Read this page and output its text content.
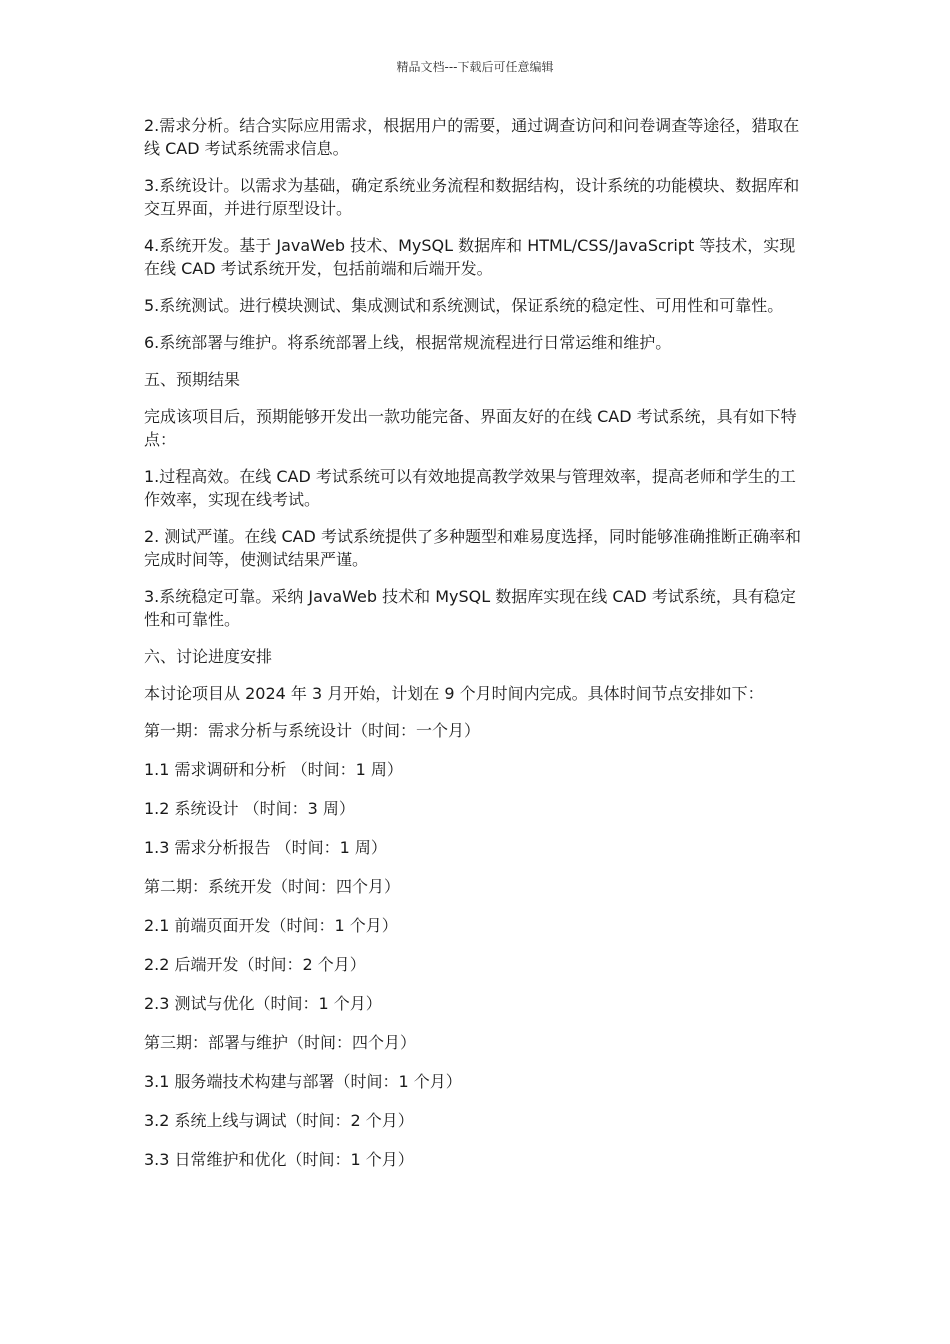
精品文档---下载后可任意编辑

2.需求分析。结合实际应用需求，根据用户的需要，通过调查访问和问卷调查等途径，猎取在线 CAD 考试系统需求信息。

3.系统设计。以需求为基础，确定系统业务流程和数据结构，设计系统的功能模块、数据库和交互界面，并进行原型设计。

4.系统开发。基于 JavaWeb 技术、MySQL 数据库和 HTML/CSS/JavaScript 等技术，实现在线 CAD 考试系统开发，包括前端和后端开发。

5.系统测试。进行模块测试、集成测试和系统测试，保证系统的稳定性、可用性和可靠性。

6.系统部署与维护。将系统部署上线，根据常规流程进行日常运维和维护。

五、预期结果

完成该项目后，预期能够开发出一款功能完备、界面友好的在线 CAD 考试系统，具有如下特点：

1.过程高效。在线 CAD 考试系统可以有效地提高教学效果与管理效率，提高老师和学生的工作效率，实现在线考试。

2. 测试严谨。在线 CAD 考试系统提供了多种题型和难易度选择，同时能够准确推断正确率和完成时间等，使测试结果严谨。

3.系统稳定可靠。采纳 JavaWeb 技术和 MySQL 数据库实现在线 CAD 考试系统，具有稳定性和可靠性。

六、讨论进度安排

本讨论项目从 2024 年 3 月开始，计划在 9 个月时间内完成。具体时间节点安排如下：

第一期：需求分析与系统设计（时间：一个月）
1.1 需求调研和分析 （时间：1 周）
1.2 系统设计 （时间：3 周）
1.3 需求分析报告 （时间：1 周）
第二期：系统开发（时间：四个月）
2.1 前端页面开发（时间：1 个月）
2.2 后端开发（时间：2 个月）
2.3 测试与优化（时间：1 个月）
第三期：部署与维护（时间：四个月）
3.1 服务端技术构建与部署（时间：1 个月）
3.2 系统上线与调试（时间：2 个月）
3.3 日常维护和优化（时间：1 个月）
